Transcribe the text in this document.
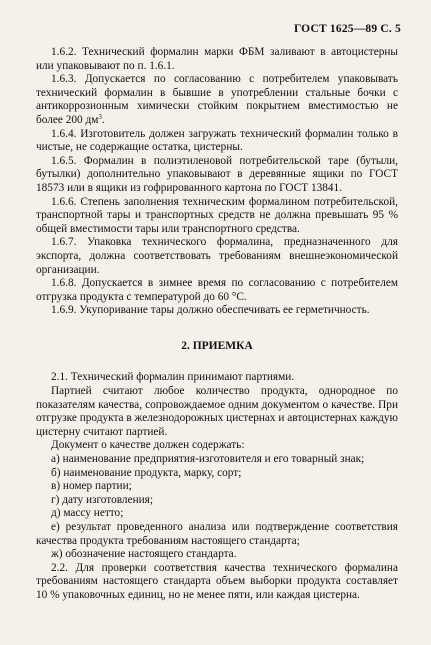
ГОСТ 1625—89 С. 5

1.6.2. Технический формалин марки ФБМ заливают в автоцистерны или упаковывают по п. 1.6.1.

1.6.3. Допускается по согласованию с потребителем упаковывать технический формалин в бывшие в употреблении стальные бочки с антикоррозионным химически стойким покрытием вместимостью не более 200 $дм^3$.

1.6.4. Изготовитель должен загружать технический формалин только в чистые, не содержащие остатка, цистерны.

1.6.5. Формалин в полиэтиленовой потребительской таре (бутыли, бутылки) дополнительно упаковывают в деревянные ящики по ГОСТ 18573 или в ящики из гофрированного картона по ГОСТ 13841.

1.6.6. Степень заполнения техническим формалином потребительской, транспортной тары и транспортных средств не должна превышать 95 % общей вместимости тары или транспортного средства.

1.6.7. Упаковка технического формалина, предназначенного для экспорта, должна соответствовать требованиям внешнеэкономической организации.

1.6.8. Допускается в зимнее время по согласованию с потребителем отгрузка продукта с температурой до 60 °С.

1.6.9. Укупоривание тары должно обеспечивать ее герметичность.

2. ПРИЕМКА

2.1. Технический формалин принимают партиями.

Партией считают любое количество продукта, однородное по показателям качества, сопровождаемое одним документом о качестве. При отгрузке продукта в железнодорожных цистернах и автоцистернах каждую цистерну считают партией.

Документ о качестве должен содержать:

а) наименование предприятия-изготовителя и его товарный знак;

б) наименование продукта, марку, сорт;

в) номер партии;

г) дату изготовления;

д) массу нетто;

е) результат проведенного анализа или подтверждение соответствия качества продукта требованиям настоящего стандарта;

ж) обозначение настоящего стандарта.

2.2. Для проверки соответствия качества технического формалина требованиям настоящего стандарта объем выборки продукта составляет 10 % упаковочных единиц, но не менее пяти, или каждая цистерна.
